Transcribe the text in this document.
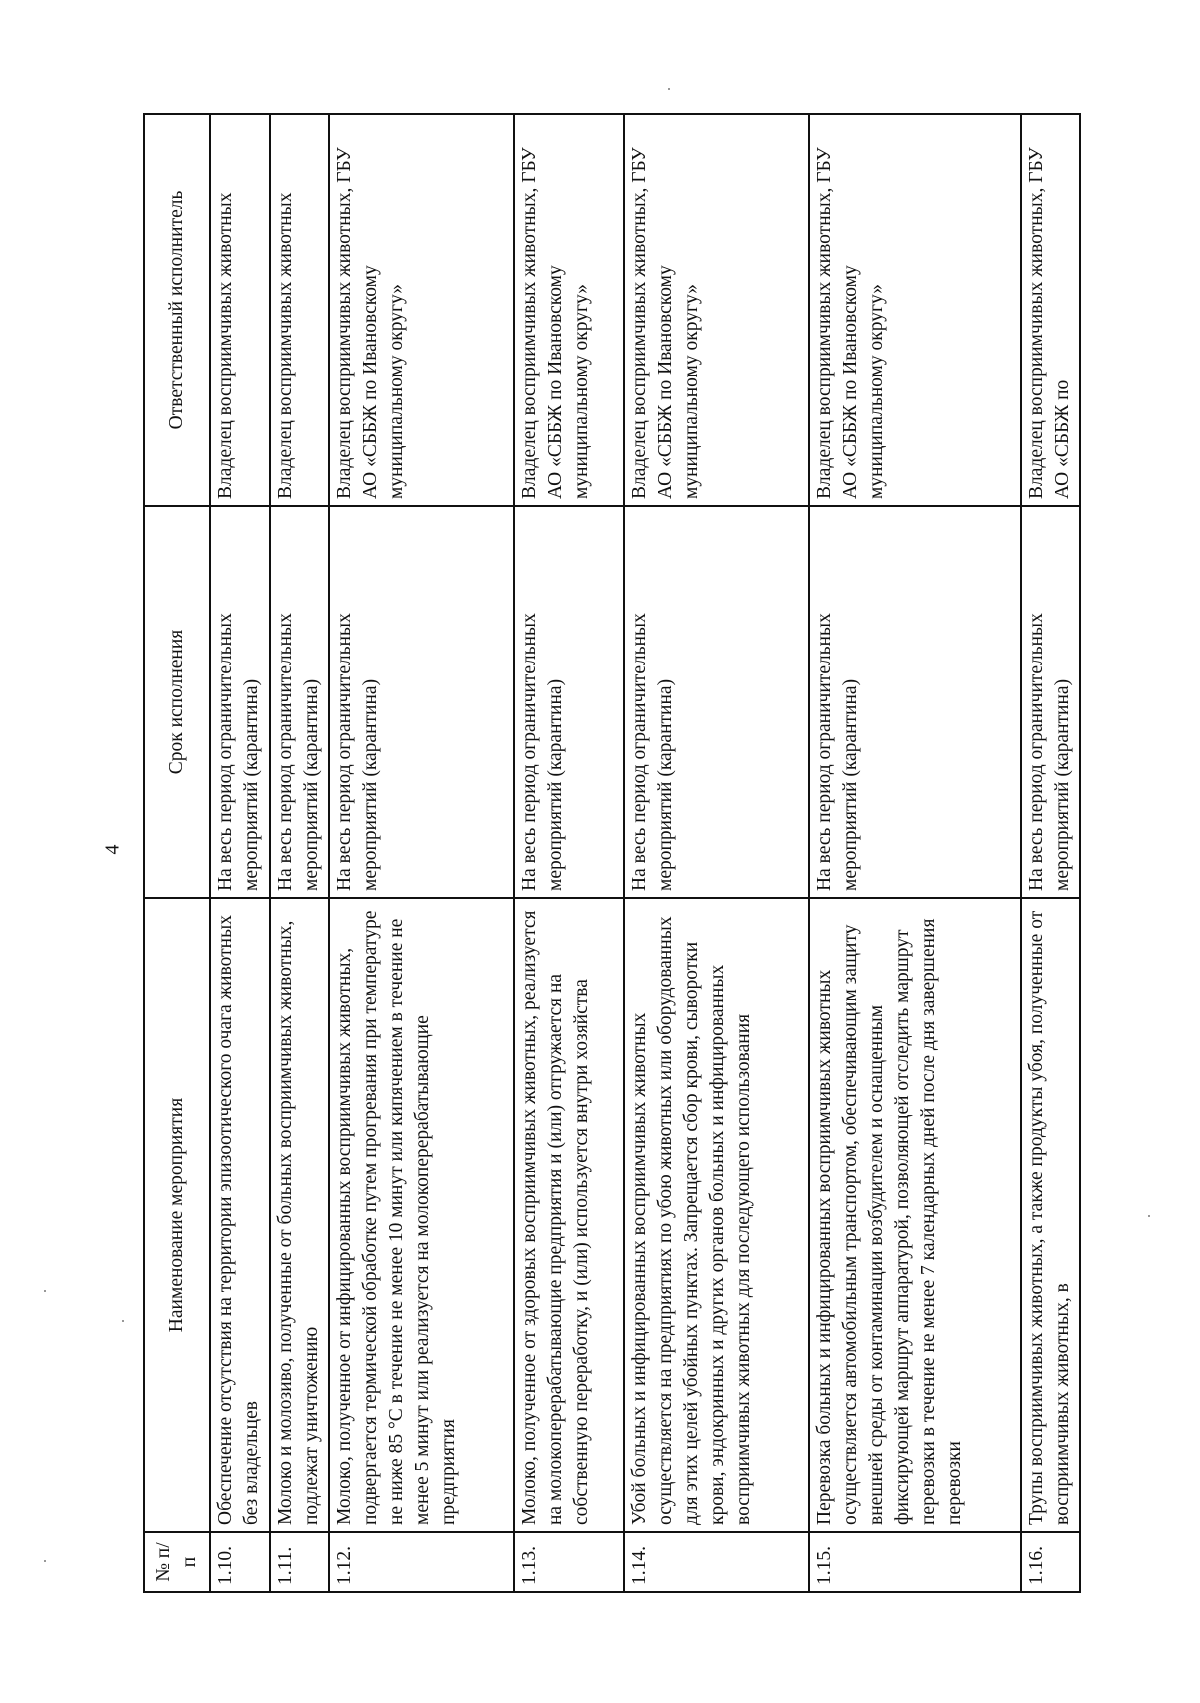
4
№ п/п	Наименование мероприятия	Срок исполнения	Ответственный исполнитель
1.10.	Обеспечение отсутствия на территории эпизоотического очага животных без владельцев	На весь период ограничительных мероприятий (карантина)	Владелец восприимчивых животных
1.11.	Молоко и молозиво, полученные от больных восприимчивых животных, подлежат уничтожению	На весь период ограничительных мероприятий (карантина)	Владелец восприимчивых животных
1.12.	Молоко, полученное от инфицированных восприимчивых животных, подвергается термической обработке путем прогревания при температуре не ниже 85 °С в течение не менее 10 минут или кипячением в течение не менее 5 минут или реализуется на молокоперерабатывающие предприятия	На весь период ограничительных мероприятий (карантина)	Владелец восприимчивых животных, ГБУ АО «СББЖ по Ивановскому муниципальному округу»
1.13.	Молоко, полученное от здоровых восприимчивых животных, реализуется на молокоперерабатывающие предприятия и (или) отгружается на собственную переработку, и (или) используется внутри хозяйства	На весь период ограничительных мероприятий (карантина)	Владелец восприимчивых животных, ГБУ АО «СББЖ по Ивановскому муниципальному округу»
1.14.	Убой больных и инфицированных восприимчивых животных осуществляется на предприятиях по убою животных или оборудованных для этих целей убойных пунктах. Запрещается сбор крови, сыворотки крови, эндокринных и других органов больных и инфицированных восприимчивых животных для последующего использования	На весь период ограничительных мероприятий (карантина)	Владелец восприимчивых животных, ГБУ АО «СББЖ по Ивановскому муниципальному округу»
1.15.	Перевозка больных и инфицированных восприимчивых животных осуществляется автомобильным транспортом, обеспечивающим защиту внешней среды от контаминации возбудителем и оснащенным фиксирующей маршрут аппаратурой, позволяющей отследить маршрут перевозки в течение не менее 7 календарных дней после дня завершения перевозки	На весь период ограничительных мероприятий (карантина)	Владелец восприимчивых животных, ГБУ АО «СББЖ по Ивановскому муниципальному округу»
1.16.	Трупы восприимчивых животных, а также продукты убоя, полученные от восприимчивых животных, в	На весь период ограничительных мероприятий (карантина)	Владелец восприимчивых животных, ГБУ АО «СББЖ по
